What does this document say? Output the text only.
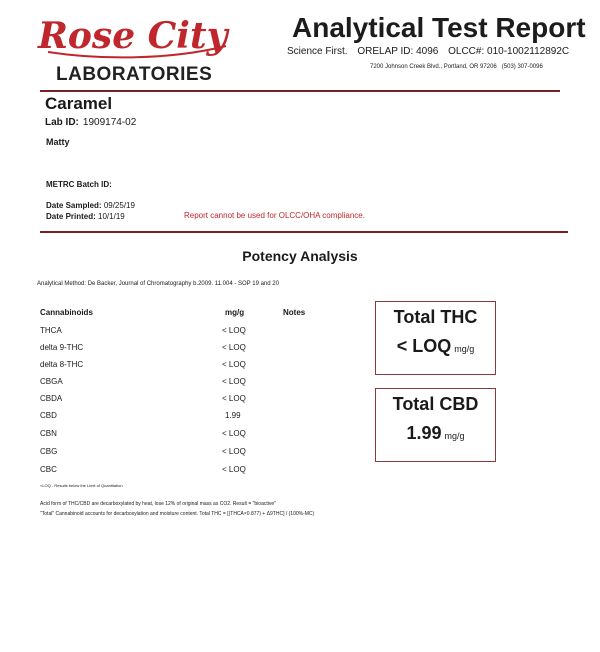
Rose City
LABORATORIES
Analytical Test Report
Science First. ORELAP ID: 4096 OLCC#: 010-1002112892C
7200 Johnson Creek Blvd., Portland, OR 97206 (503) 307-0096
Caramel
Lab ID: 1909174-02
Matty
METRC Batch ID:
Date Sampled: 09/25/19
Date Printed: 10/1/19	Report cannot be used for OLCC/OHA compliance.
Potency Analysis
Analytical Method: De Backer, Journal of Chromatography b.2009. 11.004 - SOP 19 and 20
Cannabinoids	mg/g	Notes
THCA	< LOQ
delta 9-THC	< LOQ
delta 8-THC	< LOQ
CBGA	< LOQ
CBDA	< LOQ
CBD	1.99
CBN	< LOQ
CBG	< LOQ
CBC	< LOQ
<LOQ - Results below the Limit of Quantitation
Acid form of THC/CBD are decarboxylated by heat, lose 12% of original mass as CO2. Result = "bioactive"
"Total" Cannabinoid accounts for decarboxylation and moisture content. Total THC = [(THCA×0.877) + Δ9THC] / (100%-MC)
Total THC
< LOQ mg/g
Total CBD
1.99 mg/g
